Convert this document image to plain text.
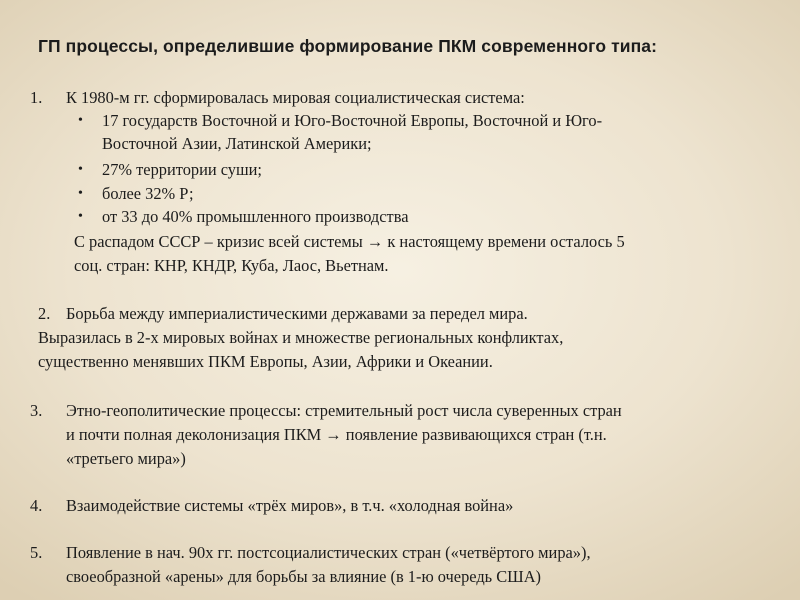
ГП процессы, определившие формирование ПКМ современного типа:
1. К 1980-м гг. сформировалась мировая социалистическая система:
• 17 государств Восточной и Юго-Восточной Европы, Восточной и Юго-
Восточной Азии, Латинской Америки;
• 27% территории суши;
• более 32% Р;
• от 33 до 40% промышленного производства
С распадом СССР – кризис всей системы → к настоящему времени осталось 5
соц. стран: КНР, КНДР, Куба, Лаос, Вьетнам.
2. Борьба между империалистическими державами за передел мира.
Выразилась в 2-х мировых войнах и множестве региональных конфликтах,
существенно менявших ПКМ Европы, Азии, Африки и Океании.
3. Этно-геополитические процессы: стремительный рост числа суверенных стран
и почти полная деколонизация ПКМ → появление развивающихся стран (т.н.
«третьего мира»)
4. Взаимодействие системы «трёх миров», в т.ч. «холодная война»
5. Появление в нач. 90х гг. постсоциалистических стран («четвёртого мира»),
своеобразной «арены» для борьбы за влияние (в 1-ю очередь США)
